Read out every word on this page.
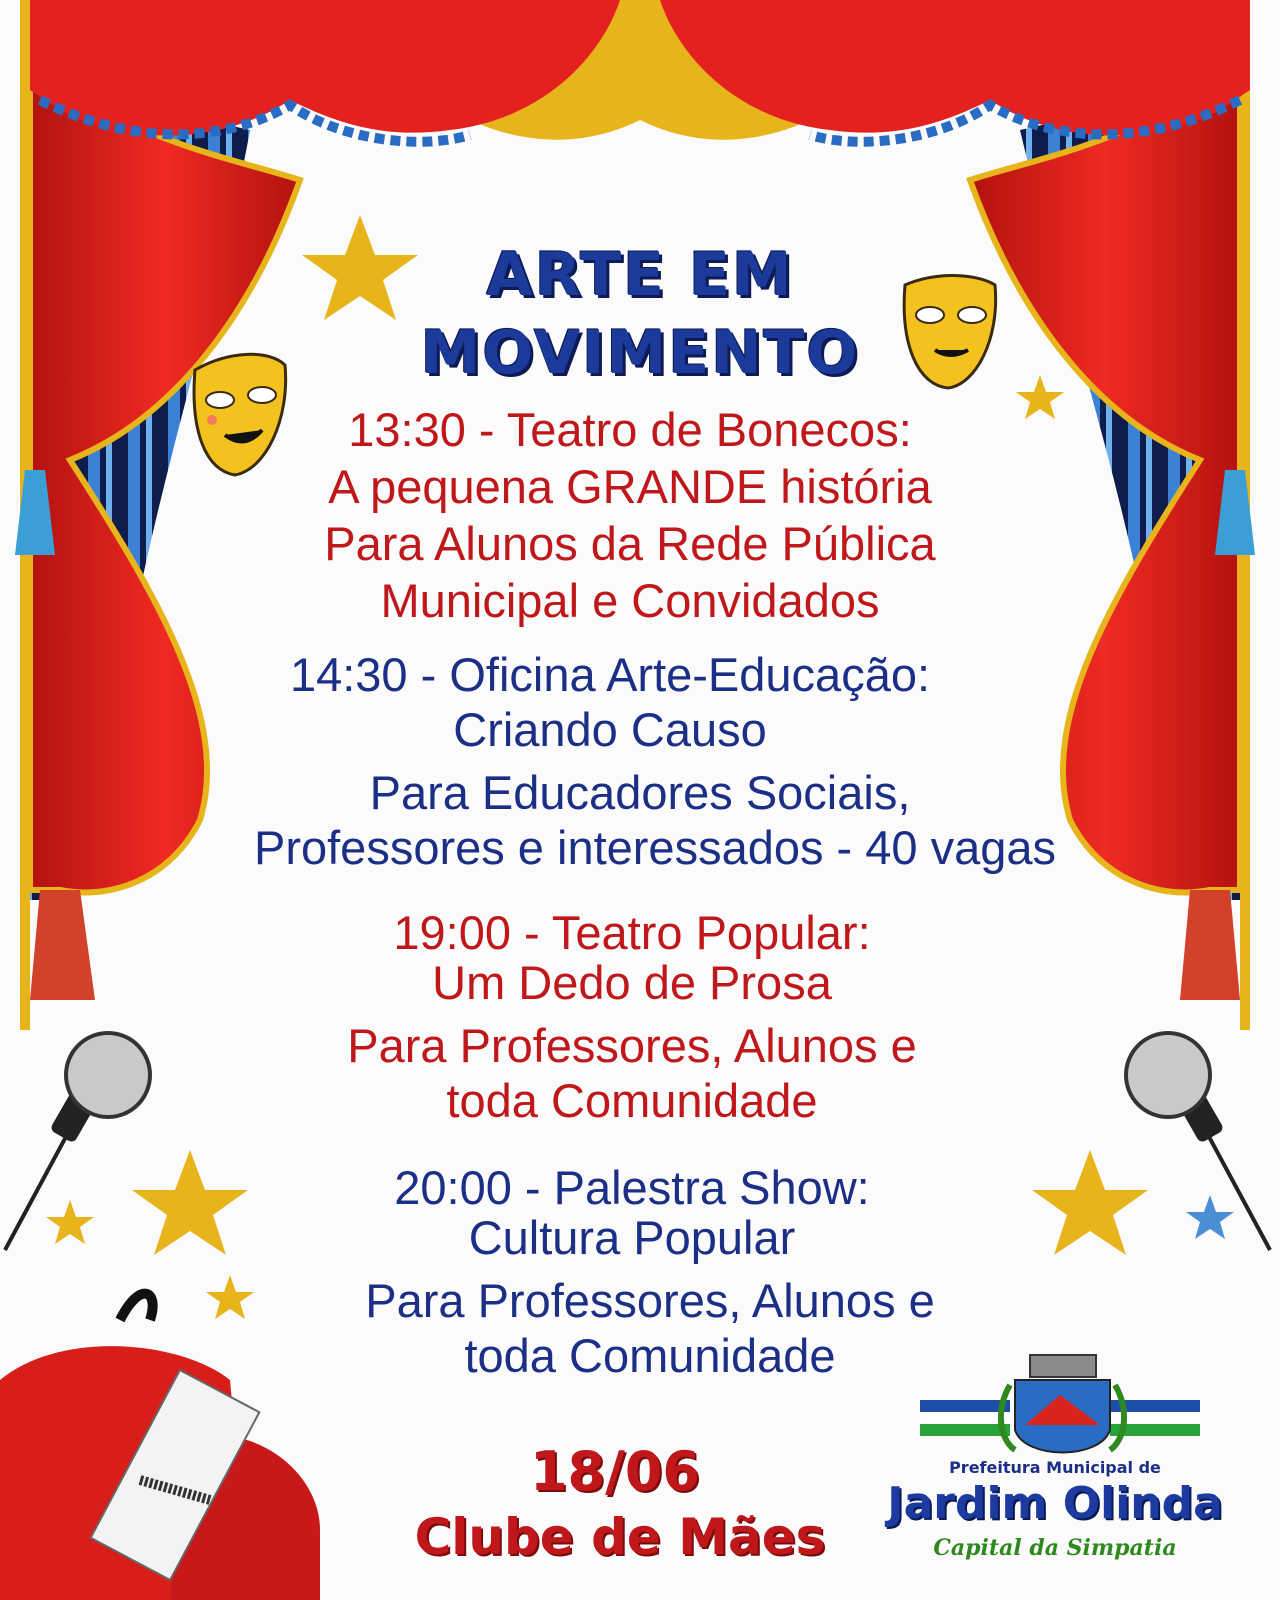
ARTE EM
MOVIMENTO
13:30 - Teatro de Bonecos:
A pequena GRANDE história
Para Alunos da Rede Pública
Municipal e Convidados
14:30 - Oficina Arte-Educação:
Criando Causo
Para Educadores Sociais,
Professores e interessados - 40 vagas
19:00 - Teatro Popular:
Um Dedo de Prosa
Para Professores, Alunos e
toda Comunidade
20:00 - Palestra Show:
Cultura Popular
Para Professores, Alunos e
toda Comunidade
18/06
Clube de Mães
Prefeitura Municipal de
Jardim Olinda
Capital da Simpatia
